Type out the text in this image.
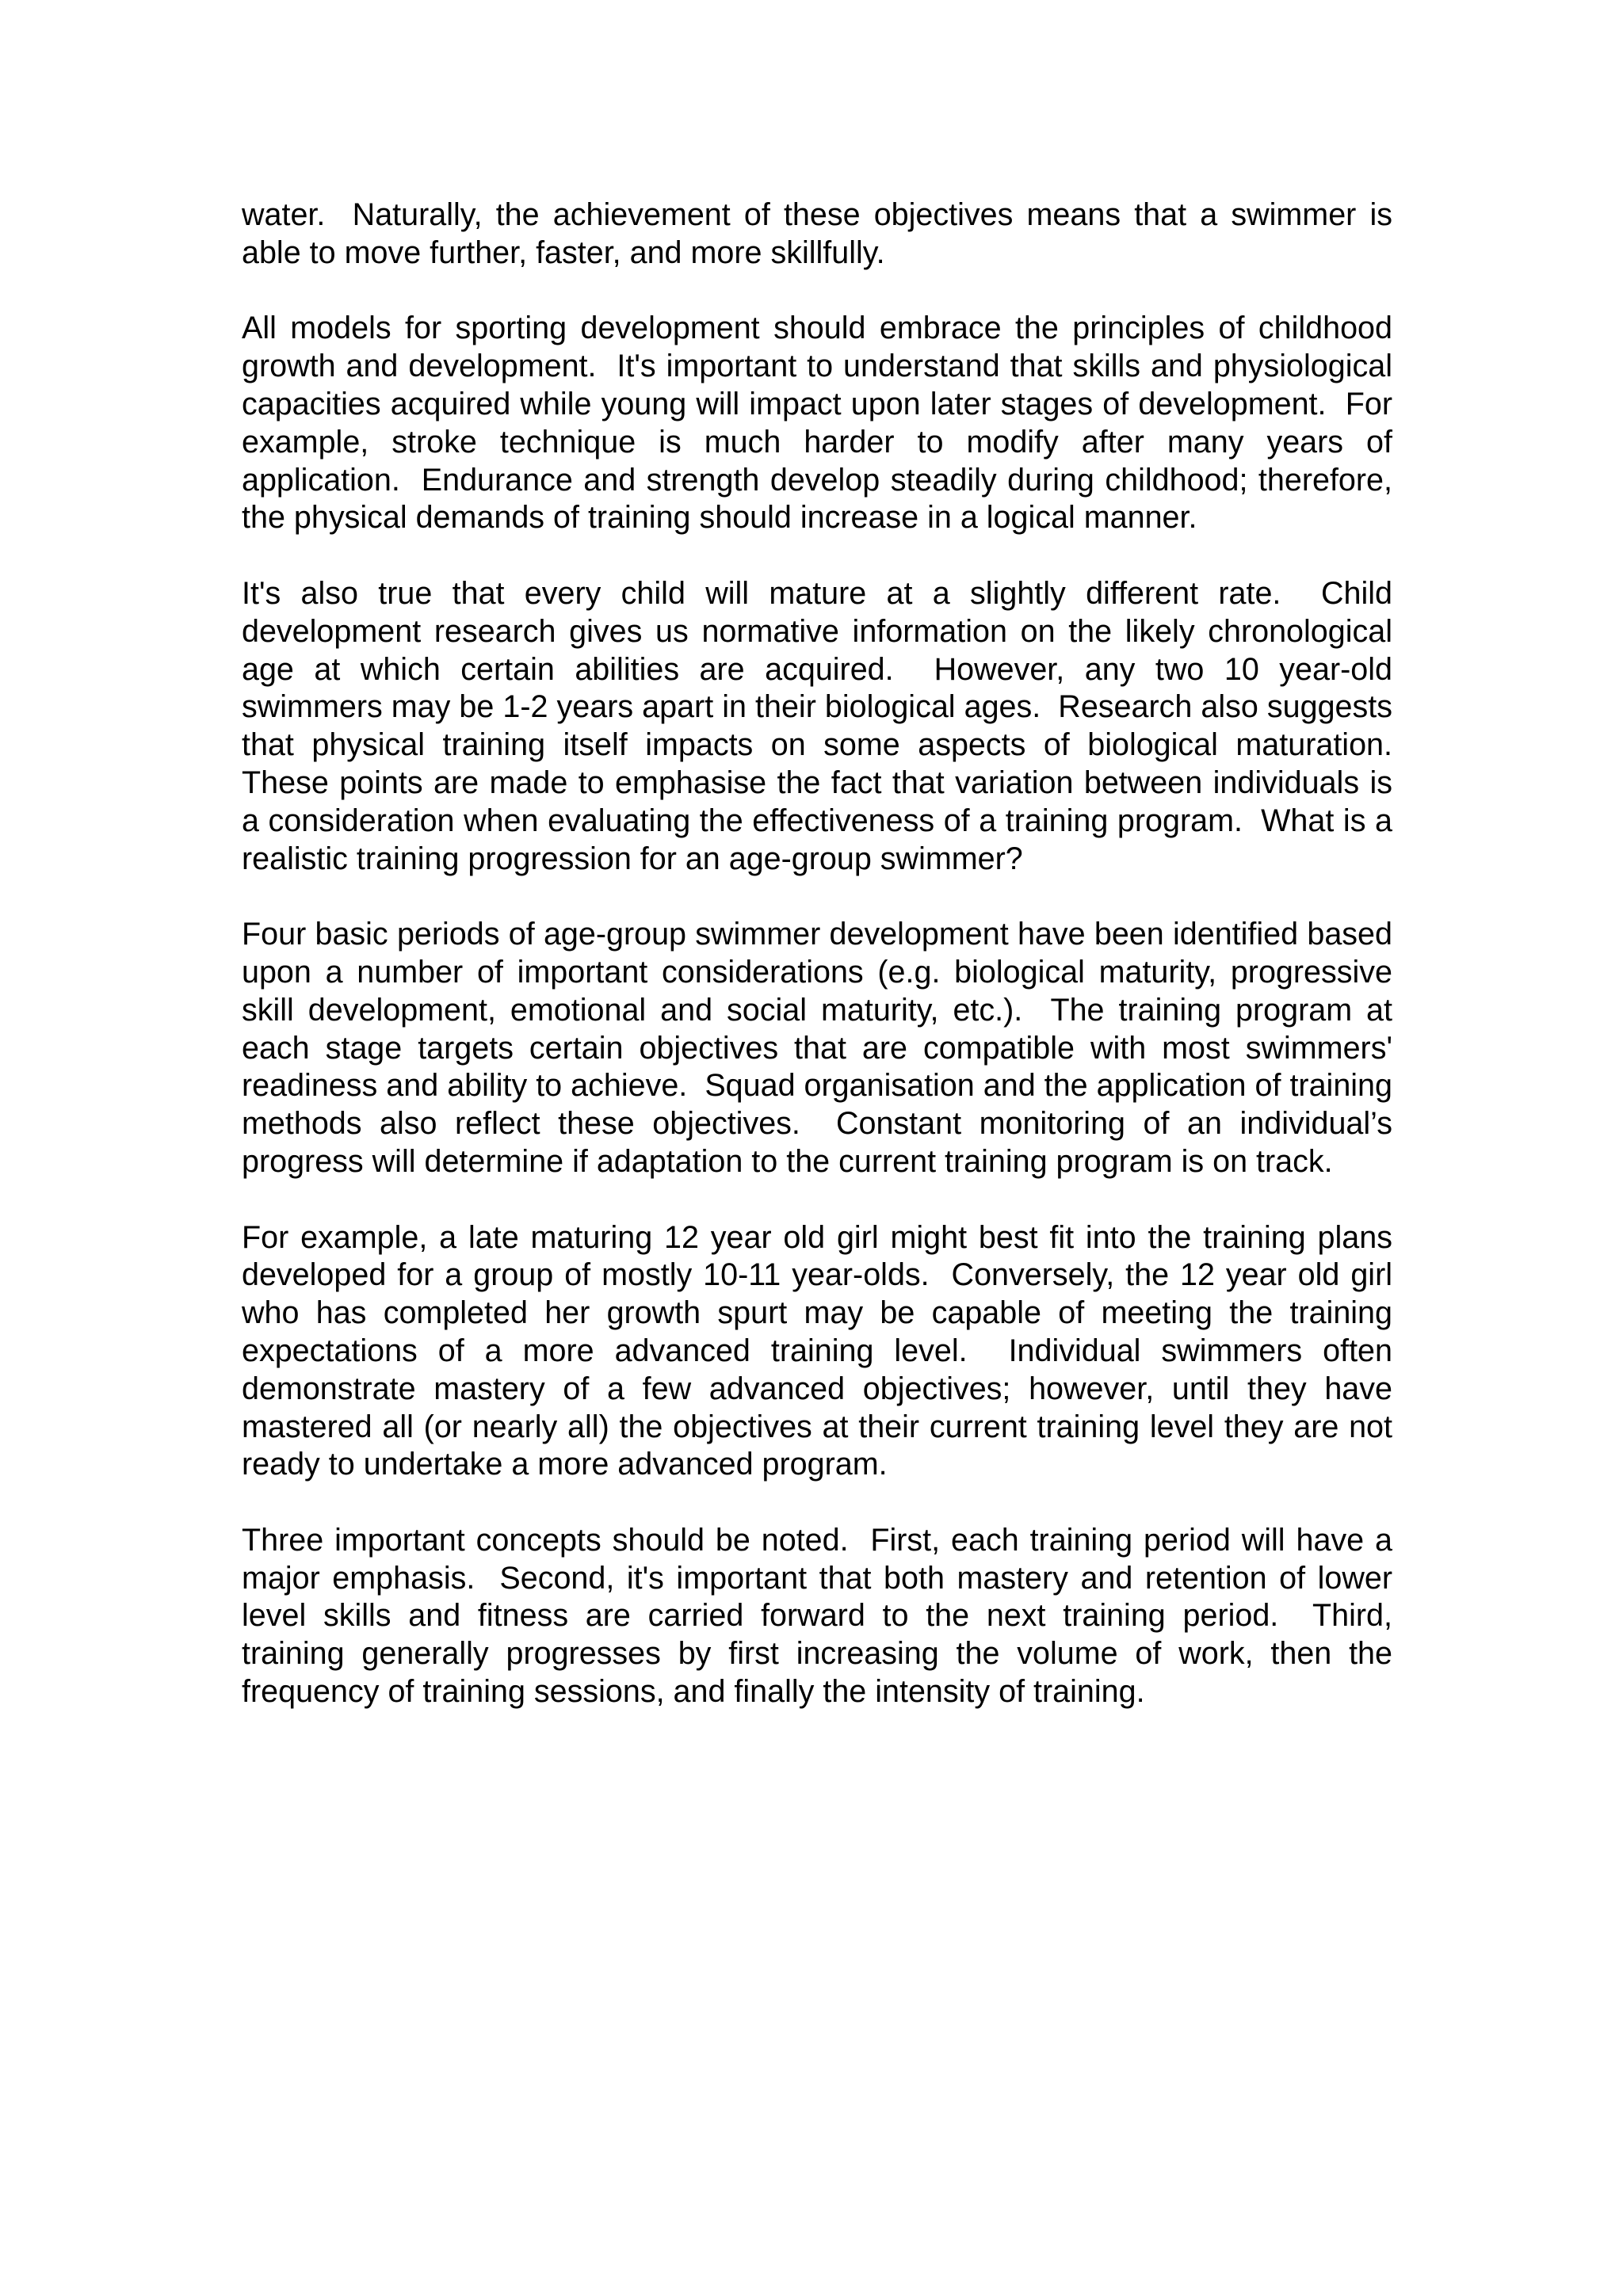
water.  Naturally, the achievement of these objectives means that a swimmer is able to move further, faster, and more skillfully.

All models for sporting development should embrace the principles of childhood growth and development.  It's important to understand that skills and physiological capacities acquired while young will impact upon later stages of development.  For example, stroke technique is much harder to modify after many years of application.  Endurance and strength develop steadily during childhood; therefore, the physical demands of training should increase in a logical manner.

It's also true that every child will mature at a slightly different rate.  Child development research gives us normative information on the likely chronological age at which certain abilities are acquired.  However, any two 10 year-old swimmers may be 1-2 years apart in their biological ages.  Research also suggests that physical training itself impacts on some aspects of biological maturation.  These points are made to emphasise the fact that variation between individuals is a consideration when evaluating the effectiveness of a training program.  What is a realistic training progression for an age-group swimmer?

Four basic periods of age-group swimmer development have been identified based upon a number of important considerations (e.g. biological maturity, progressive skill development, emotional and social maturity, etc.).  The training program at each stage targets certain objectives that are compatible with most swimmers' readiness and ability to achieve.  Squad organisation and the application of training methods also reflect these objectives.  Constant monitoring of an individual’s progress will determine if adaptation to the current training program is on track.

For example, a late maturing 12 year old girl might best fit into the training plans developed for a group of mostly 10-11 year-olds.  Conversely, the 12 year old girl who has completed her growth spurt may be capable of meeting the training expectations of a more advanced training level.  Individual swimmers often demonstrate mastery of a few advanced objectives; however, until they have mastered all (or nearly all) the objectives at their current training level they are not ready to undertake a more advanced program.

Three important concepts should be noted.  First, each training period will have a major emphasis.  Second, it's important that both mastery and retention of lower level skills and fitness are carried forward to the next training period.  Third, training generally progresses by first increasing the volume of work, then the frequency of training sessions, and finally the intensity of training.
